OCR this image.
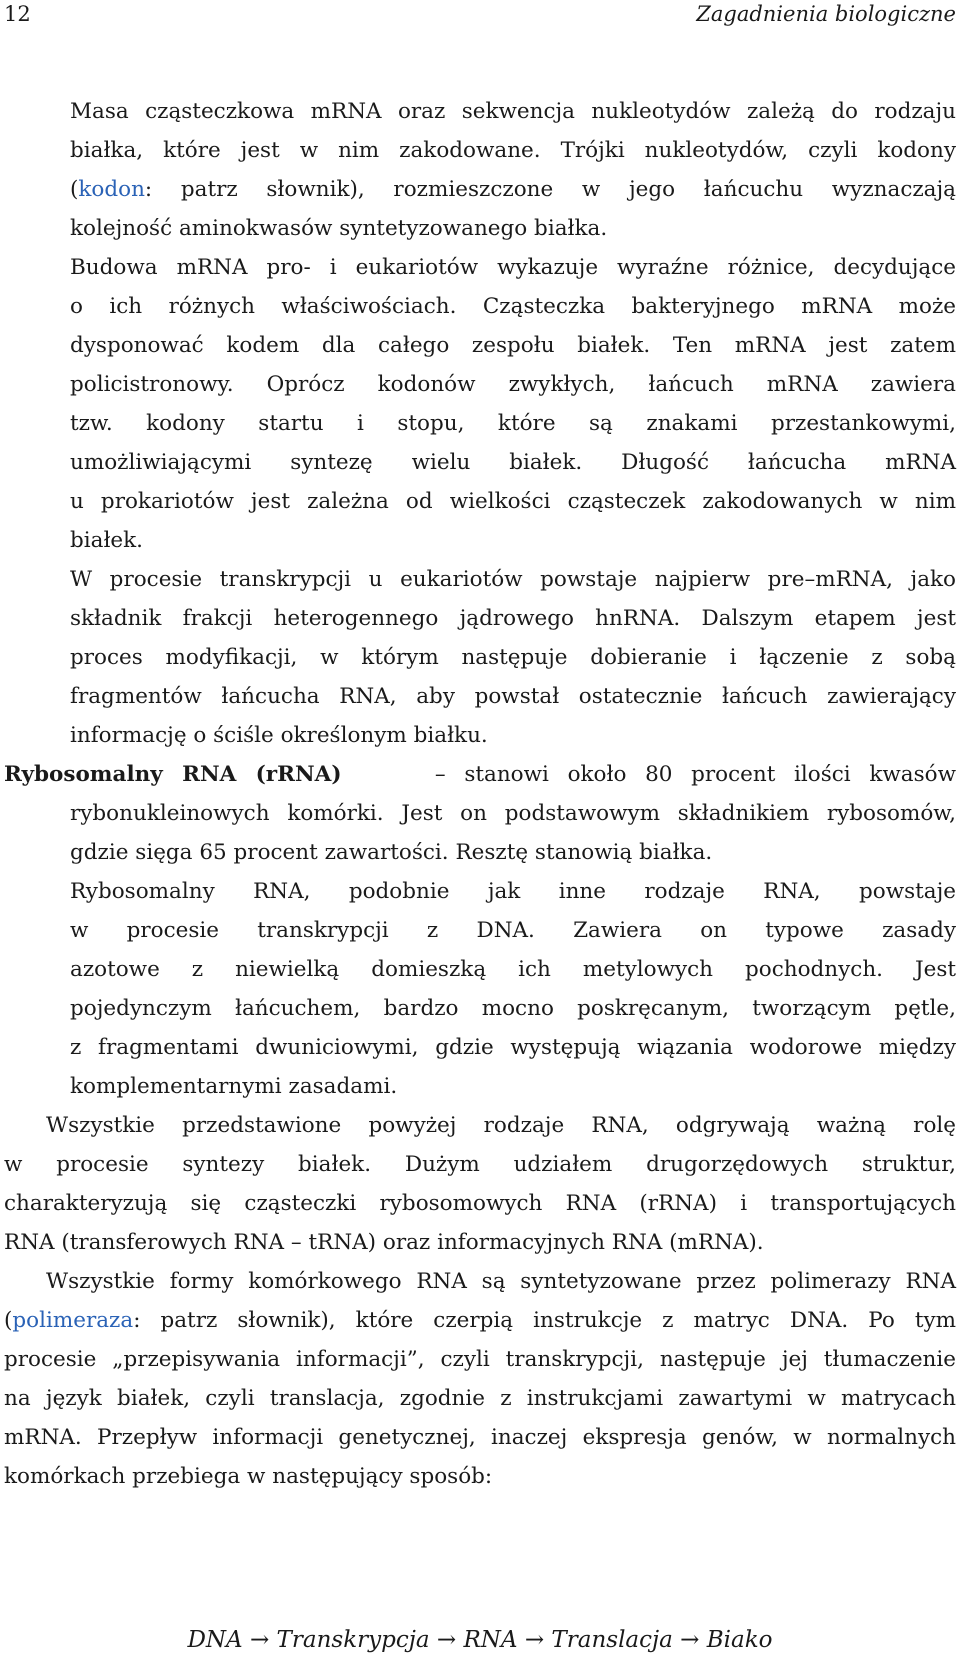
12	Zagadnienia biologiczne
Masa cząsteczkowa mRNA oraz sekwencja nukleotydów zależą do rodzaju
białka, które jest w nim zakodowane. Trójki nukleotydów, czyli kodony
(kodon: patrz słownik), rozmieszczone w jego łańcuchu wyznaczają
kolejność aminokwasów syntetyzowanego białka.
Budowa mRNA pro- i eukariotów wykazuje wyraźne różnice, decydujące
o ich różnych właściwościach. Cząsteczka bakteryjnego mRNA może
dysponować kodem dla całego zespołu białek. Ten mRNA jest zatem
policistronowy. Oprócz kodonów zwykłych, łańcuch mRNA zawiera
tzw. kodony startu i stopu, które są znakami przestankowymi,
umożliwiającymi syntezę wielu białek. Długość łańcucha mRNA
u prokariotów jest zależna od wielkości cząsteczek zakodowanych w nim
białek.
W procesie transkrypcji u eukariotów powstaje najpierw pre–mRNA, jako
składnik frakcji heterogennego jądrowego hnRNA. Dalszym etapem jest
proces modyfikacji, w którym następuje dobieranie i łączenie z sobą
fragmentów łańcucha RNA, aby powstał ostatecznie łańcuch zawierający
informację o ściśle określonym białku.
Rybosomalny RNA (rRNA)	– stanowi około 80 procent ilości kwasów
rybonukleinowych komórki. Jest on podstawowym składnikiem rybosomów,
gdzie sięga 65 procent zawartości. Resztę stanowią białka.
Rybosomalny RNA, podobnie jak inne rodzaje RNA, powstaje
w procesie transkrypcji z DNA. Zawiera on typowe zasady
azotowe z niewielką domieszką ich metylowych pochodnych. Jest
pojedynczym łańcuchem, bardzo mocno poskręcanym, tworzącym pętle,
z fragmentami dwuniciowymi, gdzie występują wiązania wodorowe między
komplementarnymi zasadami.
Wszystkie przedstawione powyżej rodzaje RNA, odgrywają ważną rolę
w procesie syntezy białek. Dużym udziałem drugorzędowych struktur,
charakteryzują się cząsteczki rybosomowych RNA (rRNA) i transportujących
RNA (transferowych RNA – tRNA) oraz informacyjnych RNA (mRNA).
Wszystkie formy komórkowego RNA są syntetyzowane przez polimerazy RNA
(polimeraza: patrz słownik), które czerpią instrukcje z matryc DNA. Po tym
procesie „przepisywania informacji”, czyli transkrypcji, następuje jej tłumaczenie
na język białek, czyli translacja, zgodnie z instrukcjami zawartymi w matrycach
mRNA. Przepływ informacji genetycznej, inaczej ekspresja genów, w normalnych
komórkach przebiega w następujący sposób:
DNA → Transkrypcja → RNA → Translacja → Biako
